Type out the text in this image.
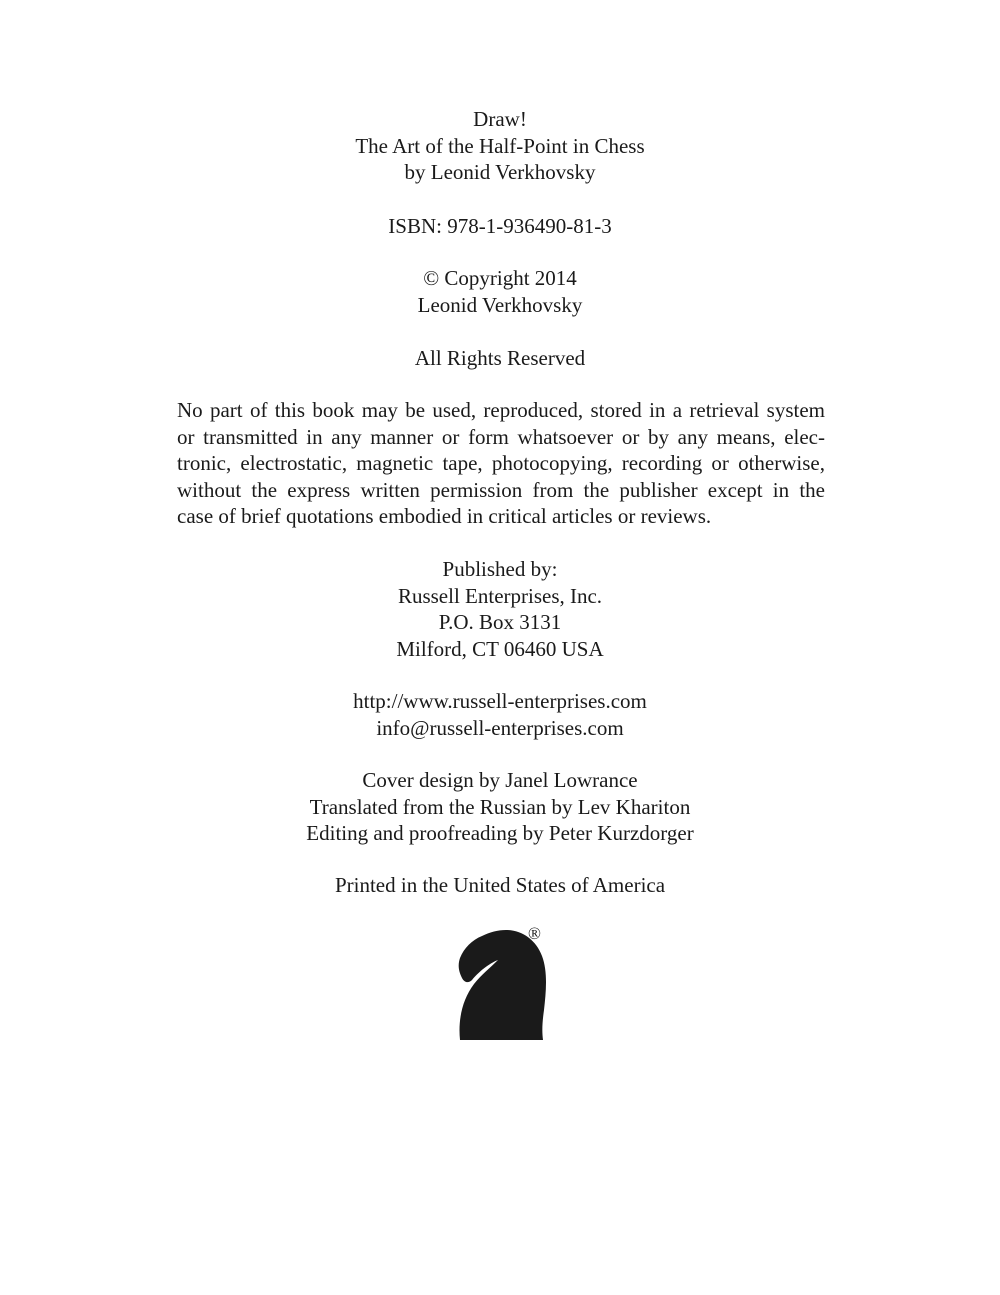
Draw!
The Art of the Half-Point in Chess
by Leonid Verkhovsky
ISBN: 978-1-936490-81-3
© Copyright 2014
Leonid Verkhovsky
All Rights Reserved
No part of this book may be used, reproduced, stored in a retrieval system
or transmitted in any manner or form whatsoever or by any means, elec-
tronic, electrostatic, magnetic tape, photocopying, recording or otherwise,
without the express written permission from the publisher except in the
case of brief quotations embodied in critical articles or reviews.
Published by:
Russell Enterprises, Inc.
P.O. Box 3131
Milford, CT 06460 USA
http://www.russell-enterprises.com
info@russell-enterprises.com
Cover design by Janel Lowrance
Translated from the Russian by Lev Khariton
Editing and proofreading by Peter Kurzdorger
Printed in the United States of America
®
